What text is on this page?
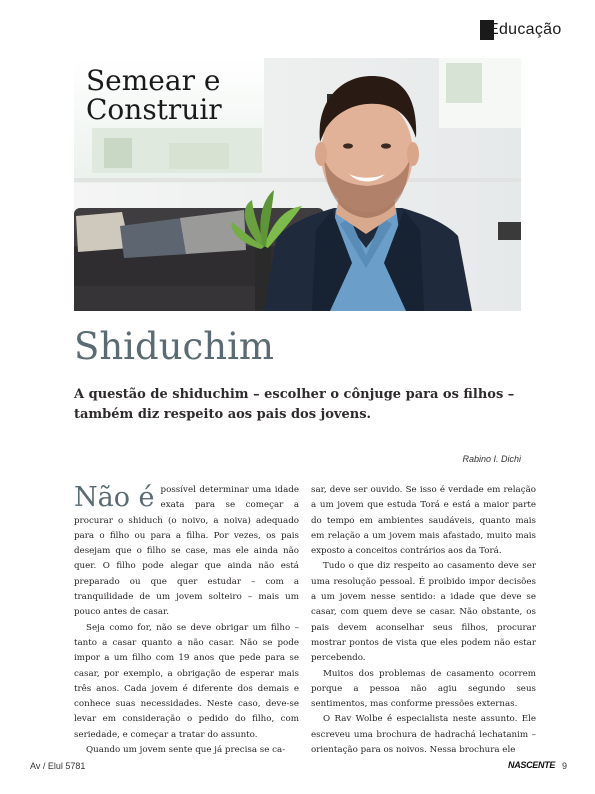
Educação
Semear e
Construir
Shiduchim

A questão de shiduchim – escolher o cônjuge para os filhos – também diz respeito aos pais dos jovens.

Rabino I. Dichi

Não é possível determinar uma idade exata para se começar a procurar o shiduch (o noivo, a noiva) adequado para o filho ou para a filha. Por vezes, os pais desejam que o filho se case, mas ele ainda não quer. O filho pode alegar que ainda não está preparado ou que quer estudar – com a tranquilidade de um jovem solteiro – mais um pouco antes de casar.

Seja como for, não se deve obrigar um filho – tanto a casar quanto a não casar. Não se pode impor a um filho com 19 anos que pede para se casar, por exemplo, a obrigação de esperar mais três anos. Cada jovem é diferente dos demais e conhece suas necessidades. Neste caso, deve-se levar em consideração o pedido do filho, com seriedade, e começar a tratar do assunto.

Quando um jovem sente que já precisa se ca-

sar, deve ser ouvido. Se isso é verdade em relação a um jovem que estuda Torá e está a maior parte do tempo em ambientes saudáveis, quanto mais em relação a um jovem mais afastado, muito mais exposto a conceitos contrários aos da Torá.

Tudo o que diz respeito ao casamento deve ser uma resolução pessoal. É proibido impor decisões a um jovem nesse sentido: a idade que deve se casar, com quem deve se casar. Não obstante, os pais devem aconselhar seus filhos, procurar mostrar pontos de vista que eles podem não estar percebendo.

Muitos dos problemas de casamento ocorrem porque a pessoa não agiu segundo seus sentimentos, mas conforme pressões externas.

O Rav Wolbe é especialista neste assunto. Ele escreveu uma brochura de hadrachá lechatanim – orientação para os noivos. Nessa brochura ele

Av / Elul 5781	NASCENTE 9
